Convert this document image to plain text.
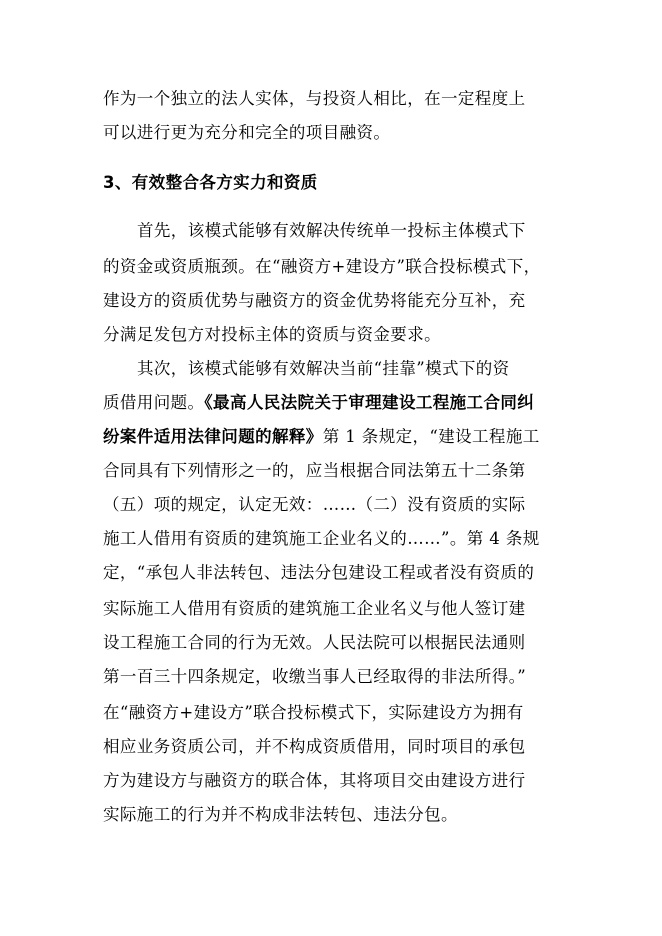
作为一个独立的法人实体，与投资人相比，在一定程度上
可以进行更为充分和完全的项目融资。
3、有效整合各方实力和资质
首先，该模式能够有效解决传统单一投标主体模式下
的资金或资质瓶颈。在“融资方+建设方”联合投标模式下，
建设方的资质优势与融资方的资金优势将能充分互补，充
分满足发包方对投标主体的资质与资金要求。
其次，该模式能够有效解决当前“挂靠”模式下的资
质借用问题。《最高人民法院关于审理建设工程施工合同纠
纷案件适用法律问题的解释》第 1 条规定，“建设工程施工
合同具有下列情形之一的，应当根据合同法第五十二条第
（五）项的规定，认定无效：……（二）没有资质的实际
施工人借用有资质的建筑施工企业名义的……”。第 4 条规
定，“承包人非法转包、违法分包建设工程或者没有资质的
实际施工人借用有资质的建筑施工企业名义与他人签订建
设工程施工合同的行为无效。人民法院可以根据民法通则
第一百三十四条规定，收缴当事人已经取得的非法所得。”
在“融资方+建设方”联合投标模式下，实际建设方为拥有
相应业务资质公司，并不构成资质借用，同时项目的承包
方为建设方与融资方的联合体，其将项目交由建设方进行
实际施工的行为并不构成非法转包、违法分包。
